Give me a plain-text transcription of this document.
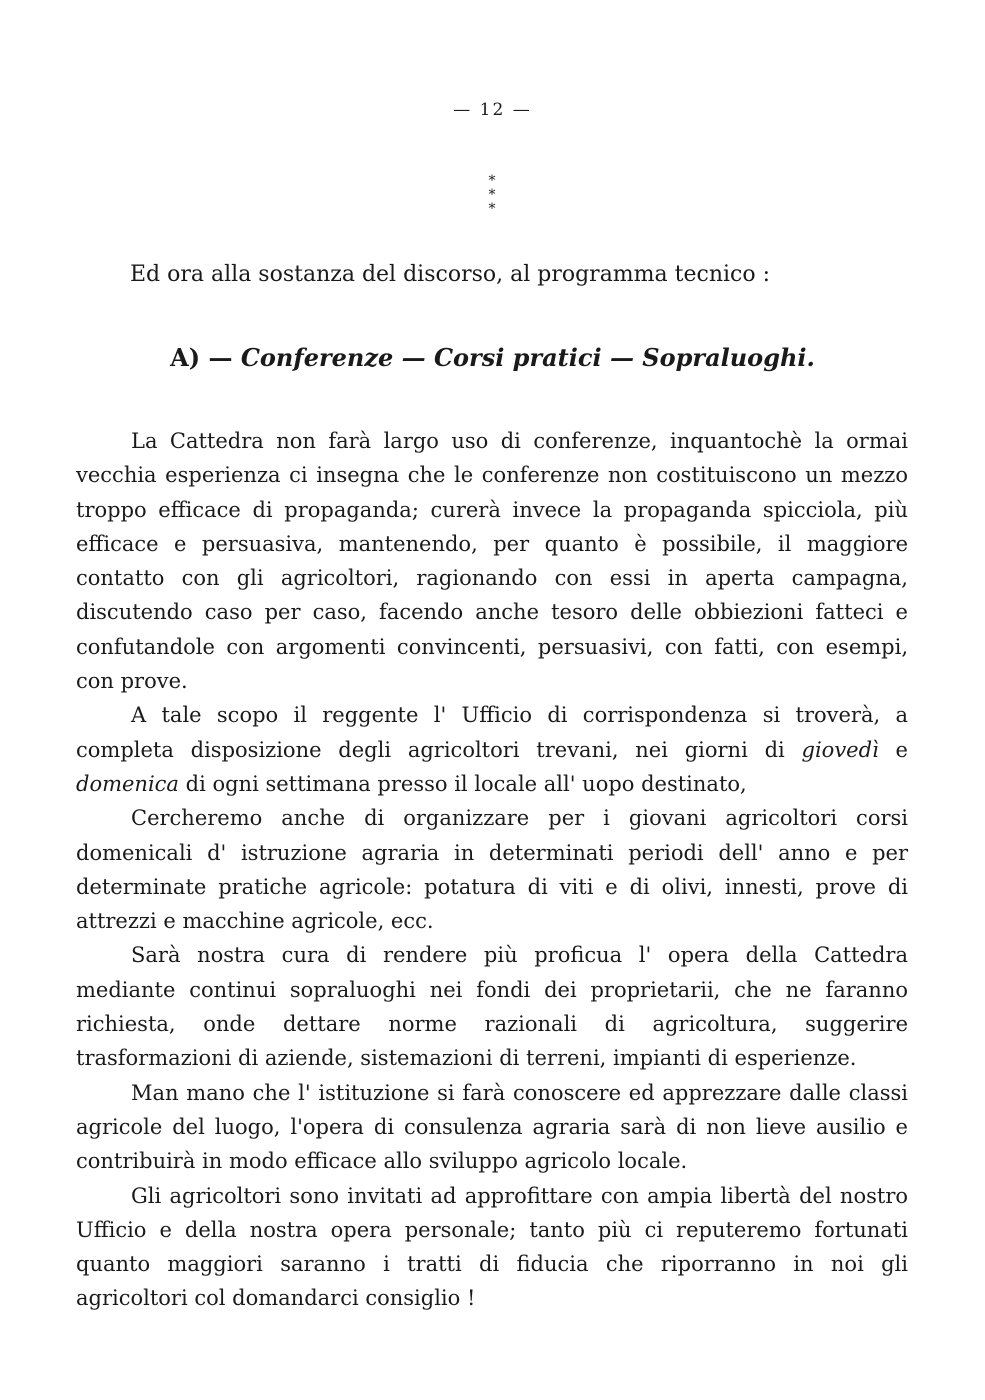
— 12 —
*
* *
Ed ora alla sostanza del discorso, al programma tecnico :
A) — Conferenze — Corsi pratici — Sopraluoghi.

La Cattedra non farà largo uso di conferenze, inquantochè la ormai vecchia esperienza ci insegna che le conferenze non costituiscono un mezzo troppo efficace di propaganda; curerà invece la propaganda spicciola, più efficace e persuasiva, mantenendo, per quanto è possibile, il maggiore contatto con gli agricoltori, ragionando con essi in aperta campagna, discutendo caso per caso, facendo anche tesoro delle obbiezioni fatteci e confutandole con argomenti convincenti, persuasivi, con fatti, con esempi, con prove.

A tale scopo il reggente l' Ufficio di corrispondenza si troverà, a completa disposizione degli agricoltori trevani, nei giorni di giovedì e domenica di ogni settimana presso il locale all' uopo destinato,

Cercheremo anche di organizzare per i giovani agricoltori corsi domenicali d' istruzione agraria in determinati periodi dell' anno e per determinate pratiche agricole: potatura di viti e di olivi, innesti, prove di attrezzi e macchine agricole, ecc.

Sarà nostra cura di rendere più proficua l' opera della Cattedra mediante continui sopraluoghi nei fondi dei proprietarii, che ne faranno richiesta, onde dettare norme razionali di agricoltura, suggerire trasformazioni di aziende, sistemazioni di terreni, impianti di esperienze.

Man mano che l' istituzione si farà conoscere ed apprezzare dalle classi agricole del luogo, l'opera di consulenza agraria sarà di non lieve ausilio e contribuirà in modo efficace allo sviluppo agricolo locale.

Gli agricoltori sono invitati ad approfittare con ampia libertà del nostro Ufficio e della nostra opera personale; tanto più ci reputeremo fortunati quanto maggiori saranno i tratti di fiducia che riporranno in noi gli agricoltori col domandarci consiglio !
